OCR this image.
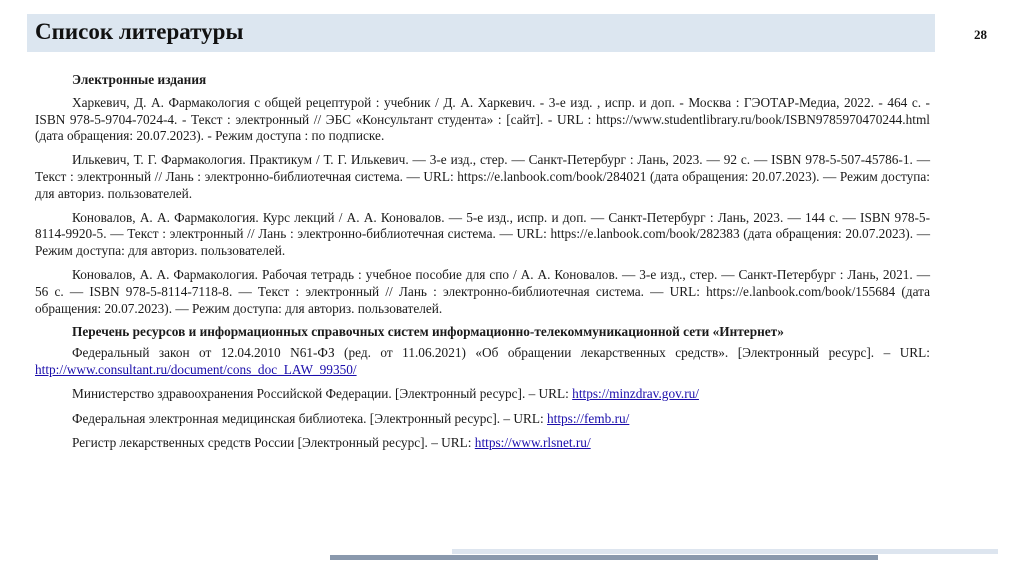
Список литературы	28

Электронные издания

Харкевич, Д. А. Фармакология с общей рецептурой : учебник / Д. А. Харкевич. - 3-е изд. , испр. и доп. - Москва : ГЭОТАР-Медиа, 2022. - 464 с. - ISBN 978-5-9704-7024-4. - Текст : электронный // ЭБС «Консультант студента» : [сайт]. - URL : https://www.studentlibrary.ru/book/ISBN9785970470244.html (дата обращения: 20.07.2023). - Режим доступа : по подписке.

Илькевич, Т. Г. Фармакология. Практикум / Т. Г. Илькевич. — 3-е изд., стер. — Санкт-Петербург : Лань, 2023. — 92 с. — ISBN 978-5-507-45786-1. — Текст : электронный // Лань : электронно-библиотечная система. — URL: https://e.lanbook.com/book/284021 (дата обращения: 20.07.2023). — Режим доступа: для авториз. пользователей.

Коновалов, А. А. Фармакология. Курс лекций / А. А. Коновалов. — 5-е изд., испр. и доп. — Санкт-Петербург : Лань, 2023. — 144 с. — ISBN 978-5-8114-9920-5. — Текст : электронный // Лань : электронно-библиотечная система. — URL: https://e.lanbook.com/book/282383 (дата обращения: 20.07.2023). — Режим доступа: для авториз. пользователей.

Коновалов, А. А. Фармакология. Рабочая тетрадь : учебное пособие для спо / А. А. Коновалов. — 3-е изд., стер. — Санкт-Петербург : Лань, 2021. — 56 с. — ISBN 978-5-8114-7118-8. — Текст : электронный // Лань : электронно-библиотечная система. — URL: https://e.lanbook.com/book/155684 (дата обращения: 20.07.2023). — Режим доступа: для авториз. пользователей.

Перечень ресурсов и информационных справочных систем информационно-телекоммуникационной сети «Интернет»

Федеральный закон от 12.04.2010 N61-ФЗ (ред. от 11.06.2021) «Об обращении лекарственных средств». [Электронный ресурс]. – URL: http://www.consultant.ru/document/cons_doc_LAW_99350/

Министерство здравоохранения Российской Федерации. [Электронный ресурс]. – URL: https://minzdrav.gov.ru/

Федеральная электронная медицинская библиотека. [Электронный ресурс]. – URL: https://femb.ru/

Регистр лекарственных средств России [Электронный ресурс]. – URL: https://www.rlsnet.ru/
